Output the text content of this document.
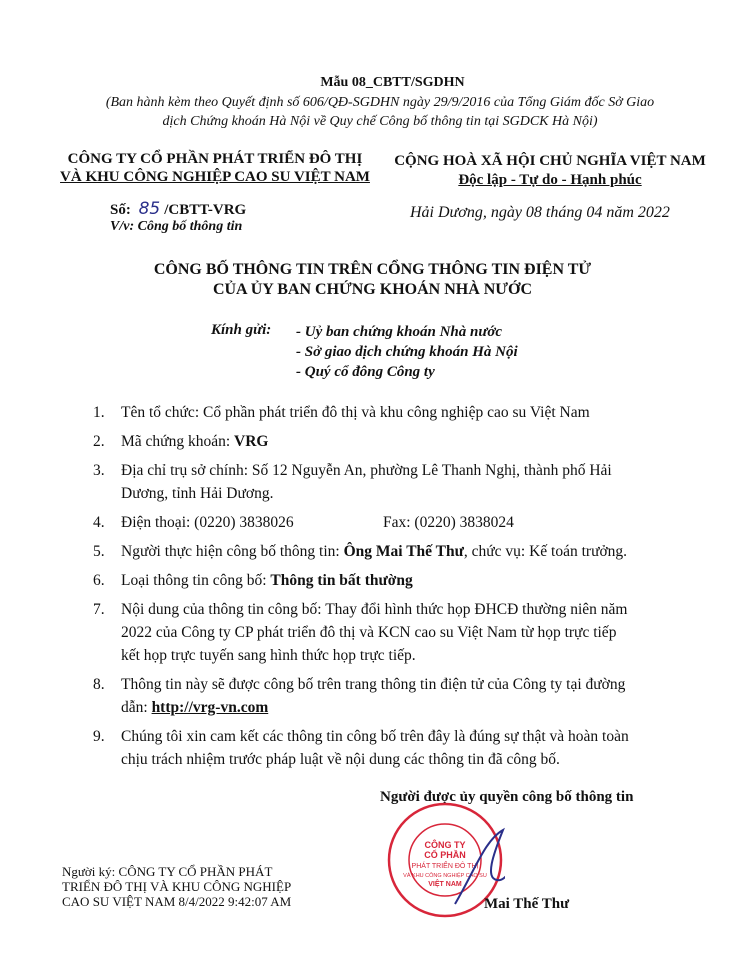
Mẫu 08_CBTT/SGDHN
(Ban hành kèm theo Quyết định số 606/QĐ-SGDHN ngày 29/9/2016 của Tổng Giám đốc Sở Giao
dịch Chứng khoán Hà Nội về Quy chế Công bố thông tin tại SGDCK Hà Nội)
CÔNG TY CỔ PHẦN PHÁT TRIỂN ĐÔ THỊ
VÀ KHU CÔNG NGHIỆP CAO SU VIỆT NAM
CỘNG HOÀ XÃ HỘI CHỦ NGHĨA VIỆT NAM
Độc lập - Tự do - Hạnh phúc
Số: 85 /CBTT-VRG
V/v: Công bố thông tin
Hải Dương, ngày 08 tháng 04 năm 2022
CÔNG BỐ THÔNG TIN TRÊN CỔNG THÔNG TIN ĐIỆN TỬ
CỦA ỦY BAN CHỨNG KHOÁN NHÀ NƯỚC
Kính gửi: - Uỷ ban chứng khoán Nhà nước
- Sở giao dịch chứng khoán Hà Nội
- Quý cổ đông Công ty
1. Tên tổ chức: Cổ phần phát triển đô thị và khu công nghiệp cao su Việt Nam
2. Mã chứng khoán: VRG
3. Địa chỉ trụ sở chính: Số 12 Nguyễn An, phường Lê Thanh Nghị, thành phố Hải
Dương, tỉnh Hải Dương.
4. Điện thoại: (0220) 3838026	Fax: (0220) 3838024
5. Người thực hiện công bố thông tin: Ông Mai Thế Thư, chức vụ: Kế toán trưởng.
6. Loại thông tin công bố: Thông tin bất thường
7. Nội dung của thông tin công bố: Thay đổi hình thức họp ĐHCĐ thường niên năm
2022 của Công ty CP phát triển đô thị và KCN cao su Việt Nam từ họp trực tiếp
kết họp trực tuyến sang hình thức họp trực tiếp.
8. Thông tin này sẽ được công bố trên trang thông tin điện tử của Công ty tại đường
dẫn: http://vrg-vn.com
9. Chúng tôi xin cam kết các thông tin công bố trên đây là đúng sự thật và hoàn toàn
chịu trách nhiệm trước pháp luật về nội dung các thông tin đã công bố.
Người được ủy quyền công bố thông tin
CÔNG TY
CỔ PHẦN
PHÁT TRIỂN ĐÔ THỊ
VÀ KHU CÔNG NGHIỆP CAO SU
VIỆT NAM
Mai Thế Thư
Người ký: CÔNG TY CỔ PHẦN PHÁT
TRIỂN ĐÔ THỊ VÀ KHU CÔNG NGHIỆP
CAO SU VIỆT NAM 8/4/2022 9:42:07 AM
